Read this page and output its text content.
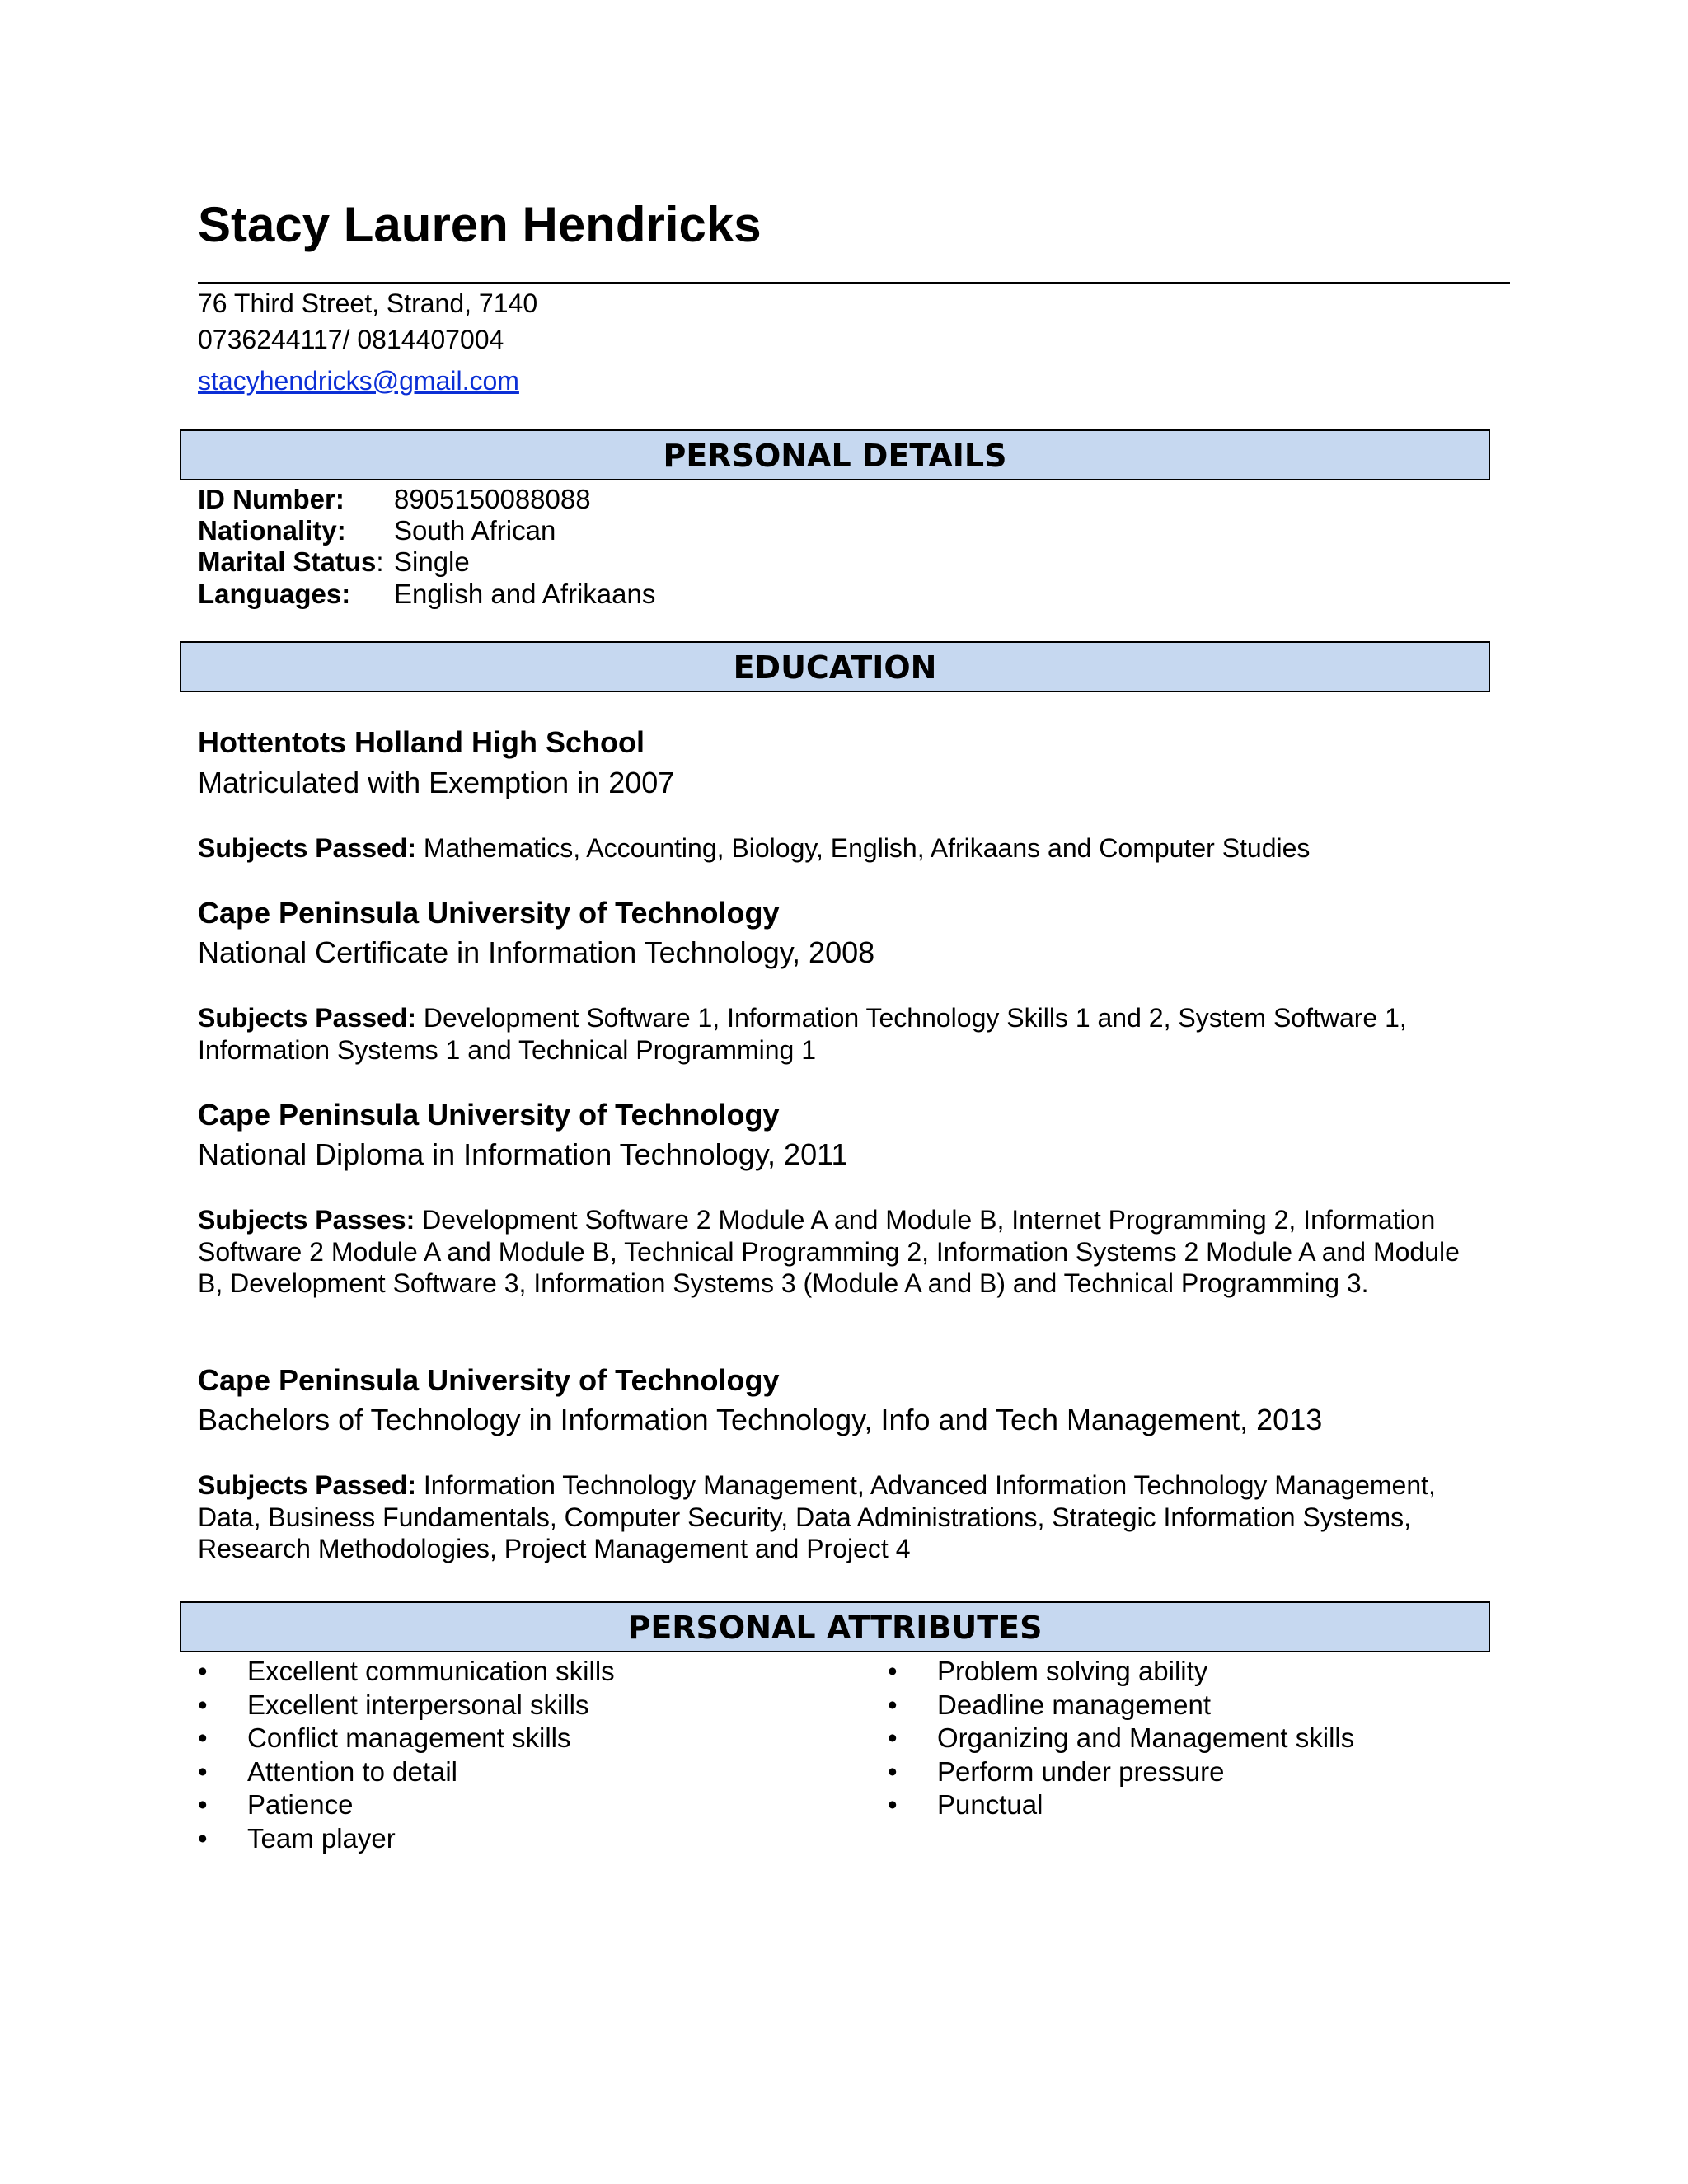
Stacy Lauren Hendricks
76 Third Street, Strand, 7140
0736244117/ 0814407004
stacyhendricks@gmail.com
PERSONAL DETAILS
ID Number: 8905150088088
Nationality: South African
Marital Status: Single
Languages: English and Afrikaans
EDUCATION
Hottentots Holland High School
Matriculated with Exemption in 2007
Subjects Passed: Mathematics, Accounting, Biology, English, Afrikaans and Computer Studies
Cape Peninsula University of Technology
National Certificate in Information Technology, 2008
Subjects Passed: Development Software 1, Information Technology Skills 1 and 2, System Software 1, Information Systems 1 and Technical Programming 1
Cape Peninsula University of Technology
National Diploma in Information Technology, 2011
Subjects Passes: Development Software 2 Module A and Module B, Internet Programming 2, Information Software 2 Module A and Module B, Technical Programming 2, Information Systems 2 Module A and Module B, Development Software 3, Information Systems 3 (Module A and B) and Technical Programming 3.
Cape Peninsula University of Technology
Bachelors of Technology in Information Technology, Info and Tech Management, 2013
Subjects Passed: Information Technology Management, Advanced Information Technology Management, Data, Business Fundamentals, Computer Security, Data Administrations, Strategic Information Systems, Research Methodologies, Project Management and Project 4
PERSONAL ATTRIBUTES
• Excellent communication skills
• Excellent interpersonal skills
• Conflict management skills
• Attention to detail
• Patience
• Team player
• Problem solving ability
• Deadline management
• Organizing and Management skills
• Perform under pressure
• Punctual
